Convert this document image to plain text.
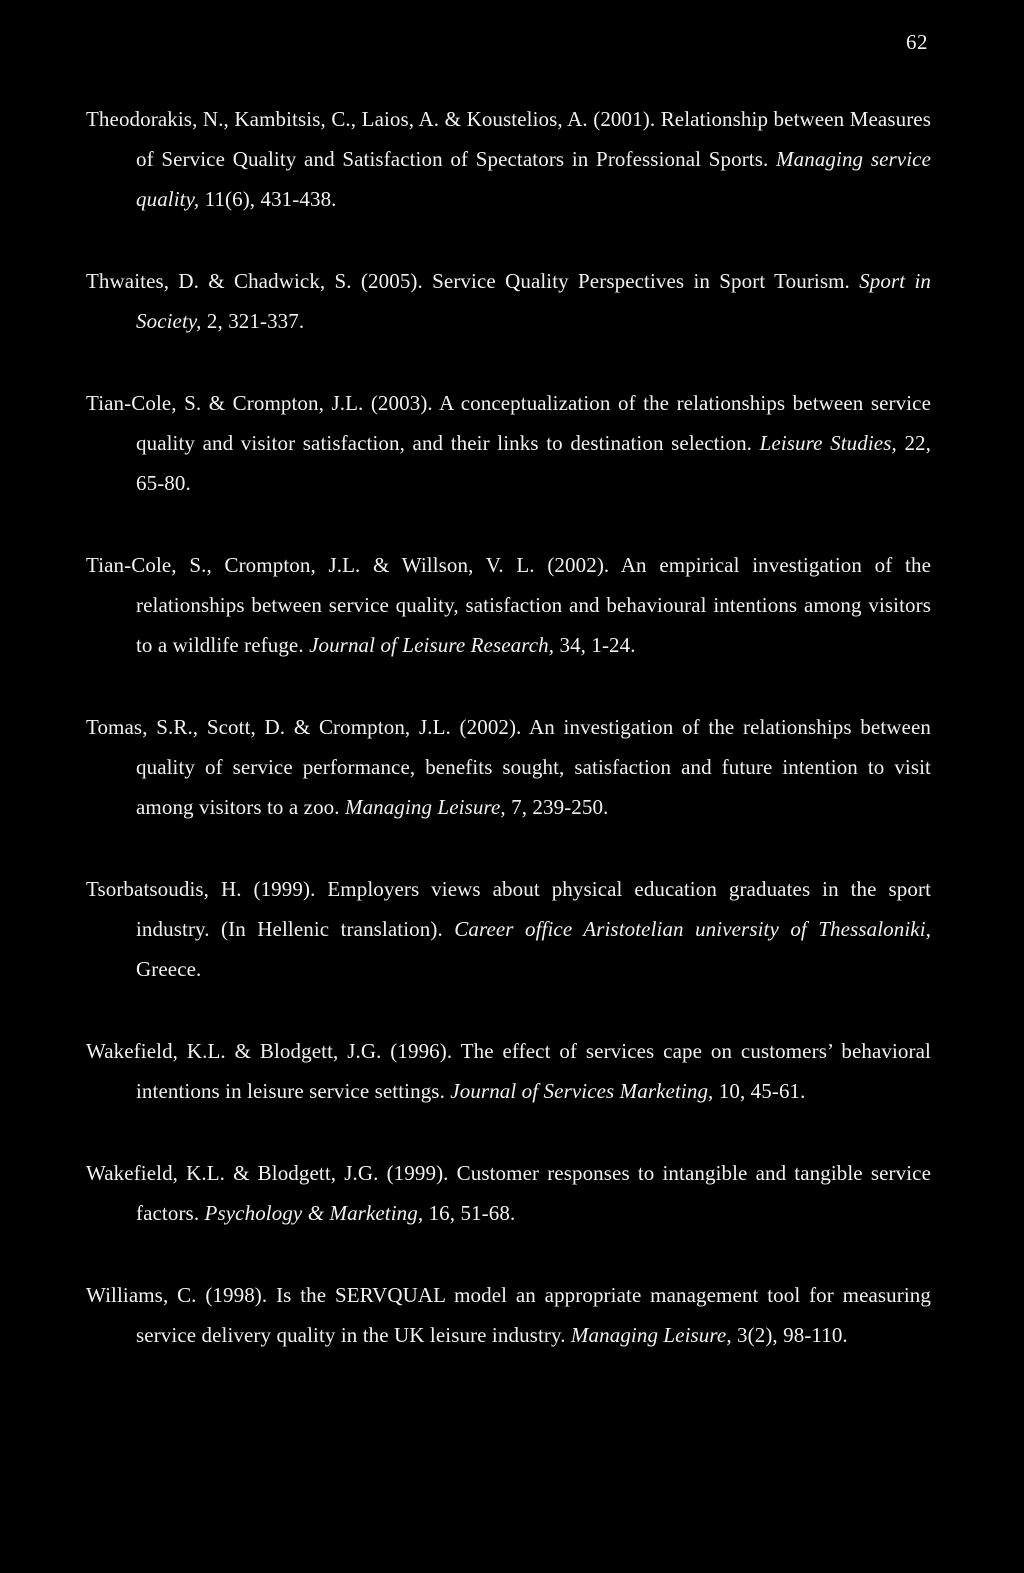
62

Theodorakis, N., Kambitsis, C., Laios, A. & Koustelios, A. (2001). Relationship between Measures of Service Quality and Satisfaction of Spectators in Professional Sports. Managing service quality, 11(6), 431-438.

Thwaites, D. & Chadwick, S. (2005). Service Quality Perspectives in Sport Tourism. Sport in Society, 2, 321-337.

Tian-Cole, S. & Crompton, J.L. (2003). A conceptualization of the relationships between service quality and visitor satisfaction, and their links to destination selection. Leisure Studies, 22, 65-80.

Tian-Cole, S., Crompton, J.L. & Willson, V. L. (2002). An empirical investigation of the relationships between service quality, satisfaction and behavioural intentions among visitors to a wildlife refuge. Journal of Leisure Research, 34, 1-24.

Tomas, S.R., Scott, D. & Crompton, J.L. (2002). An investigation of the relationships between quality of service performance, benefits sought, satisfaction and future intention to visit among visitors to a zoo. Managing Leisure, 7, 239-250.

Tsorbatsoudis, H. (1999). Employers views about physical education graduates in the sport industry. (In Hellenic translation). Career office Aristotelian university of Thessaloniki, Greece.

Wakefield, K.L. & Blodgett, J.G. (1996). The effect of services cape on customers’ behavioral intentions in leisure service settings. Journal of Services Marketing, 10, 45-61.

Wakefield, K.L. & Blodgett, J.G. (1999). Customer responses to intangible and tangible service factors. Psychology & Marketing, 16, 51-68.

Williams, C. (1998). Is the SERVQUAL model an appropriate management tool for measuring service delivery quality in the UK leisure industry. Managing Leisure, 3(2), 98-110.
